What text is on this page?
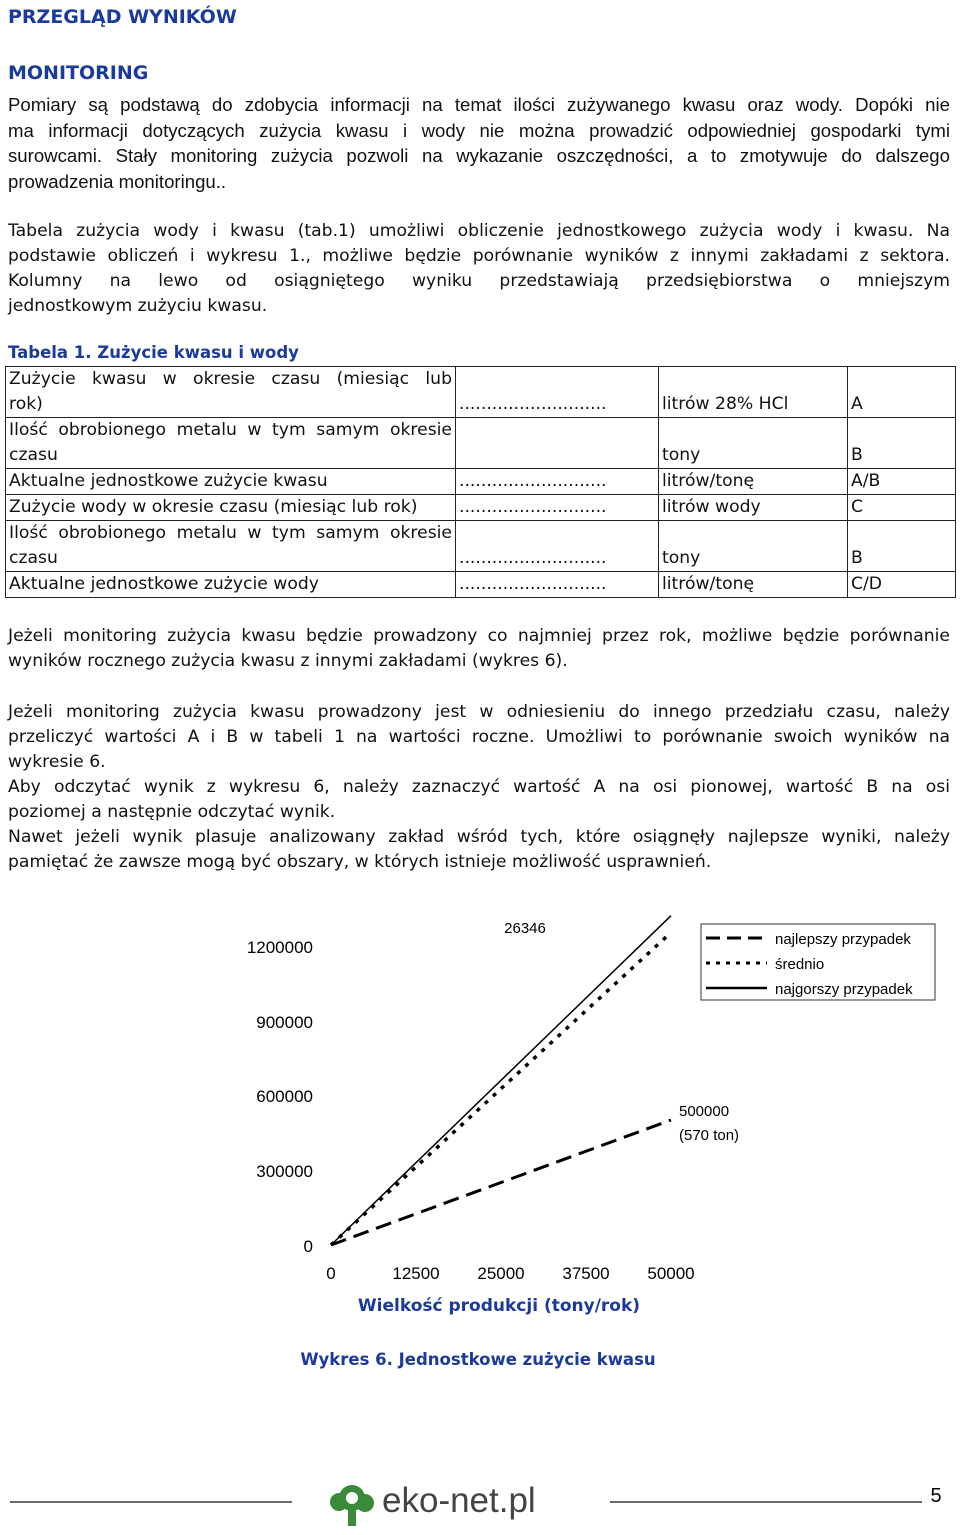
PRZEGLĄD WYNIKÓW
MONITORING
Pomiary są podstawą do zdobycia informacji na temat ilości zużywanego kwasu oraz wody. Dopóki nie
ma informacji dotyczących zużycia kwasu i wody nie można prowadzić odpowiedniej gospodarki tymi
surowcami. Stały monitoring zużycia pozwoli na wykazanie oszczędności, a to zmotywuje do dalszego
prowadzenia monitoringu..
Tabela zużycia wody i kwasu (tab.1) umożliwi obliczenie jednostkowego zużycia wody i kwasu. Na
podstawie obliczeń i wykresu 1., możliwe będzie porównanie wyników z innymi zakładami z sektora.
Kolumny na lewo od osiągniętego wyniku przedstawiają przedsiębiorstwa o mniejszym
jednostkowym zużyciu kwasu.
Tabela 1. Zużycie kwasu i wody
Zużycie kwasu w okresie czasu (miesiąc lub
rok)	...........................	litrów 28% HCl	A

Ilość obrobionego metalu w tym samym okresie
czasu		tony	B
Aktualne jednostkowe zużycie kwasu	...........................	litrów/tonę	A/B
Zużycie wody w okresie czasu (miesiąc lub rok)	...........................	litrów wody	C

Ilość obrobionego metalu w tym samym okresie
czasu	...........................	tony	B
Aktualne jednostkowe zużycie wody	...........................	litrów/tonę	C/D
Jeżeli monitoring zużycia kwasu będzie prowadzony co najmniej przez rok, możliwe będzie porównanie
wyników rocznego zużycia kwasu z innymi zakładami (wykres 6).
Jeżeli monitoring zużycia kwasu prowadzony jest w odniesieniu do innego przedziału czasu, należy
przeliczyć wartości A i B w tabeli 1 na wartości roczne. Umożliwi to porównanie swoich wyników na
wykresie 6.
Aby odczytać wynik z wykresu 6, należy zaznaczyć wartość A na osi pionowej, wartość B na osi
poziomej a następnie odczytać wynik.
Nawet jeżeli wynik plasuje analizowany zakład wśród tych, które osiągnęły najlepsze wyniki, należy
pamiętać że zawsze mogą być obszary, w których istnieje możliwość usprawnień.
1200000
900000
600000
300000
0
0	12500 25000 37500 50000
Wielkość produkcji (tony/rok)
26346
500000
(570 ton)
najlepszy przypadek
średnio
najgorszy przypadek
Wykres 6. Jednostkowe zużycie kwasu
eko-net.pl	5
